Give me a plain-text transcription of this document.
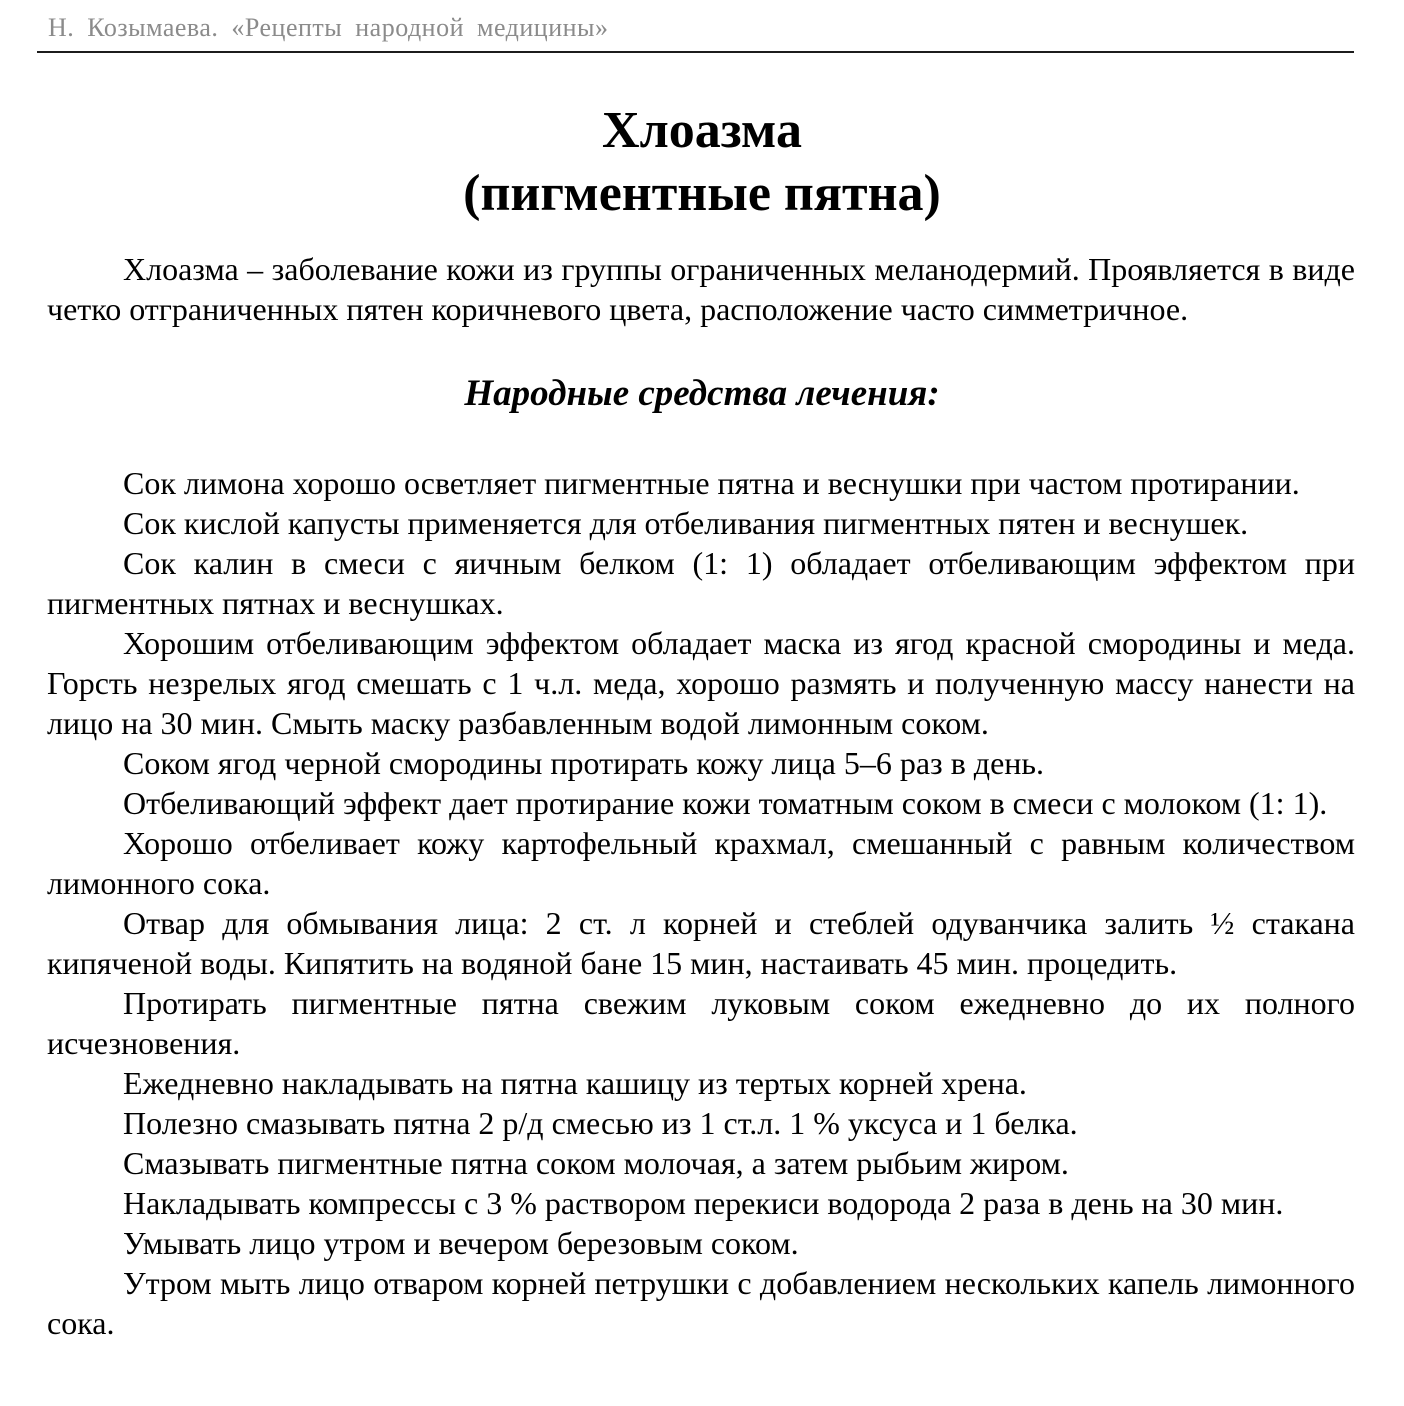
Н. Козымаева. «Рецепты народной медицины»
Хлоазма
(пигментные пятна)

Хлоазма – заболевание кожи из группы ограниченных меланодермий. Проявляется в виде четко отграниченных пятен коричневого цвета, расположение часто симметричное.

Народные средства лечения:

Сок лимона хорошо осветляет пигментные пятна и веснушки при частом протирании.

Сок кислой капусты применяется для отбеливания пигментных пятен и веснушек.

Сок калин в смеси с яичным белком (1: 1) обладает отбеливающим эффектом при пигментных пятнах и веснушках.

Хорошим отбеливающим эффектом обладает маска из ягод красной смородины и меда. Горсть незрелых ягод смешать с 1 ч.л. меда, хорошо размять и полученную массу нанести на лицо на 30 мин. Смыть маску разбавленным водой лимонным соком.

Соком ягод черной смородины протирать кожу лица 5–6 раз в день.

Отбеливающий эффект дает протирание кожи томатным соком в смеси с молоком (1: 1).

Хорошо отбеливает кожу картофельный крахмал, смешанный с равным количеством лимонного сока.

Отвар для обмывания лица: 2 ст. л корней и стеблей одуванчика залить ½ стакана кипяченой воды. Кипятить на водяной бане 15 мин, настаивать 45 мин. процедить.

Протирать пигментные пятна свежим луковым соком ежедневно до их полного исчезновения.

Ежедневно накладывать на пятна кашицу из тертых корней хрена.

Полезно смазывать пятна 2 р/д смесью из 1 ст.л. 1 % уксуса и 1 белка.

Смазывать пигментные пятна соком молочая, а затем рыбьим жиром.

Накладывать компрессы с 3 % раствором перекиси водорода 2 раза в день на 30 мин.

Умывать лицо утром и вечером березовым соком.

Утром мыть лицо отваром корней петрушки с добавлением нескольких капель лимонного сока.
